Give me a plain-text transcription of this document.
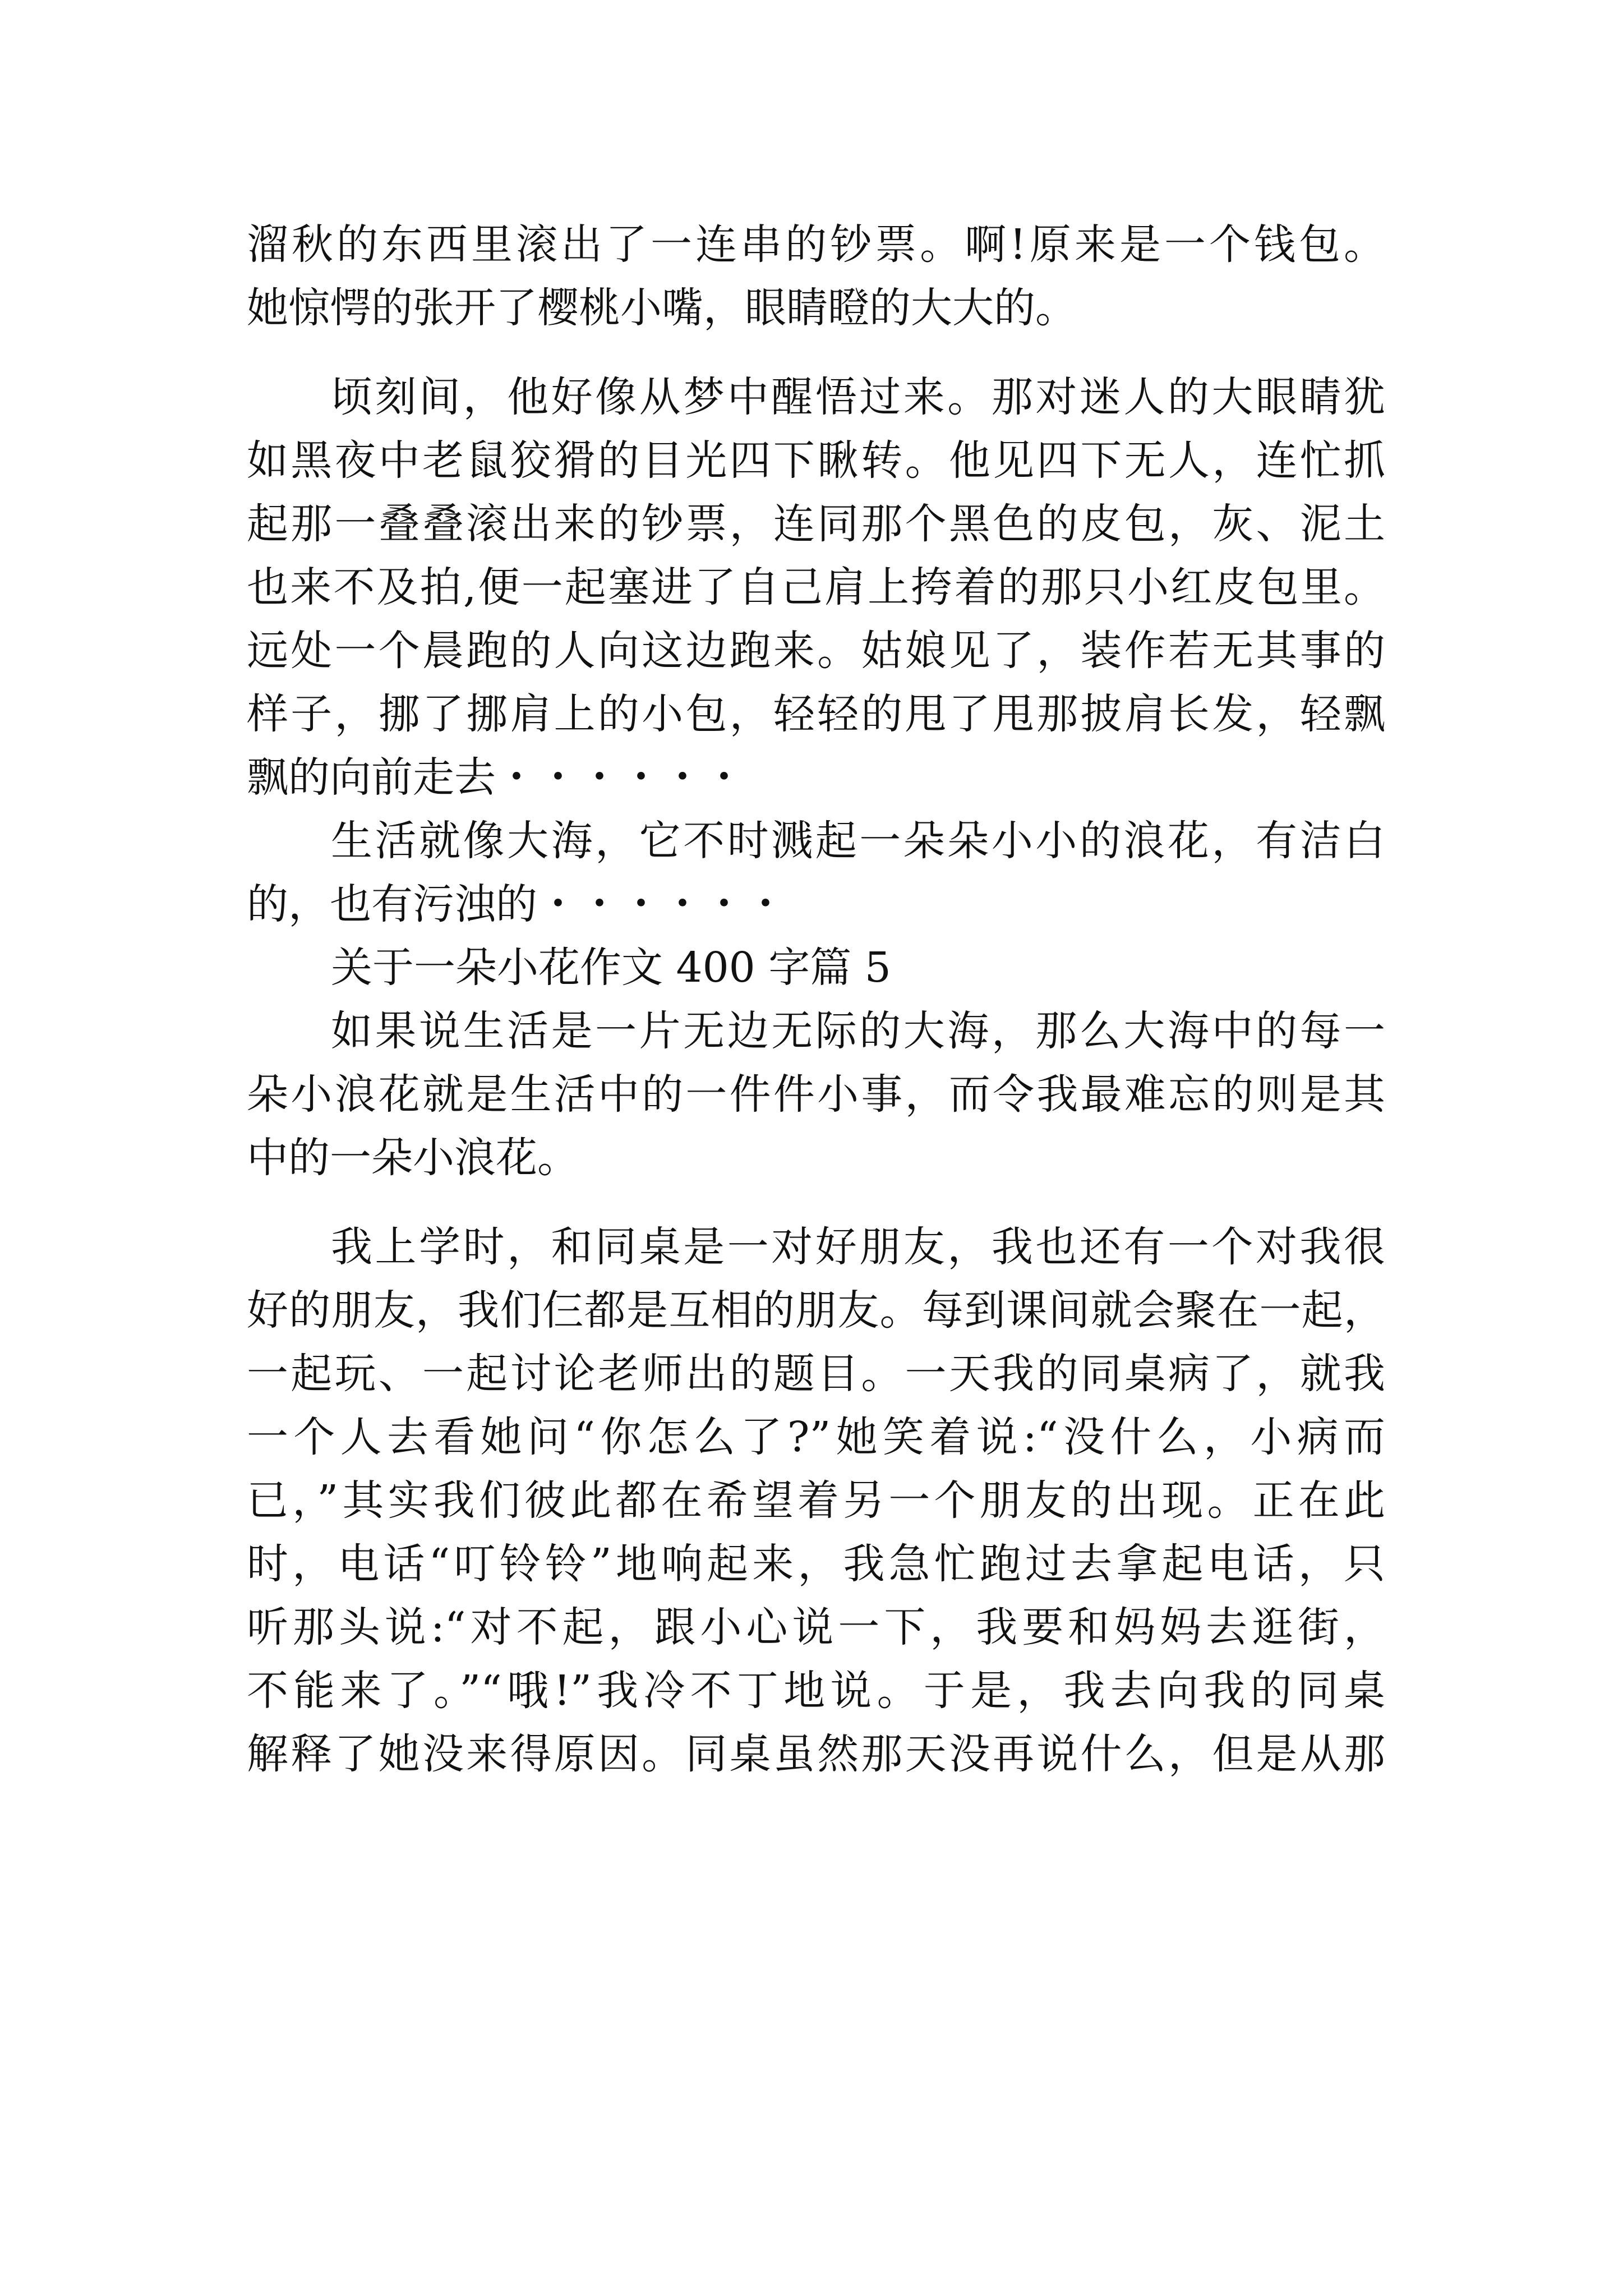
溜秋的东西里滚出了一连串的钞票。啊!原来是一个钱包。
她惊愕的张开了樱桃小嘴，眼睛瞪的大大的。
顷刻间，他好像从梦中醒悟过来。那对迷人的大眼睛犹
如黑夜中老鼠狡猾的目光四下瞅转。他见四下无人，连忙抓
起那一叠叠滚出来的钞票，连同那个黑色的皮包，灰、泥土
也来不及拍,便一起塞进了自己肩上挎着的那只小红皮包里。
远处一个晨跑的人向这边跑来。姑娘见了，装作若无其事的
样子，挪了挪肩上的小包，轻轻的甩了甩那披肩长发，轻飘
飘的向前走去・・・・・・
生活就像大海，它不时溅起一朵朵小小的浪花，有洁白
的，也有污浊的・・・・・・
关于一朵小花作文 400 字篇 5
如果说生活是一片无边无际的大海，那么大海中的每一
朵小浪花就是生活中的一件件小事，而令我最难忘的则是其
中的一朵小浪花。
我上学时，和同桌是一对好朋友，我也还有一个对我很
好的朋友，我们仨都是互相的朋友。每到课间就会聚在一起，
一起玩、一起讨论老师出的题目。一天我的同桌病了，就我
一个人去看她问“你怎么了?”她笑着说:“没什么，小病而
已，”其实我们彼此都在希望着另一个朋友的出现。正在此
时，电话“叮铃铃”地响起来，我急忙跑过去拿起电话，只
听那头说:“对不起，跟小心说一下，我要和妈妈去逛街，
不能来了。”“哦!”我冷不丁地说。于是，我去向我的同桌
解释了她没来得原因。同桌虽然那天没再说什么，但是从那
